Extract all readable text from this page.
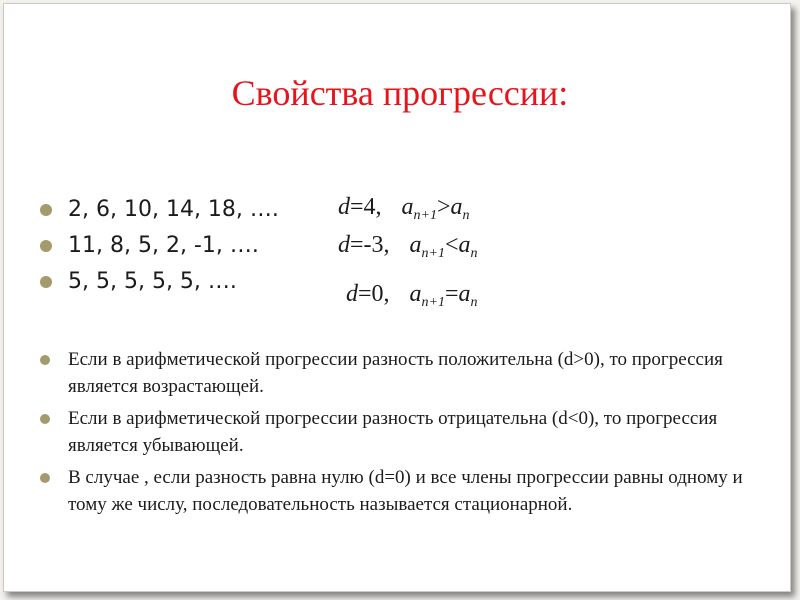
Свойства прогрессии:
2, 6, 10, 14, 18, ….
11, 8, 5, 2, -1, ….
5, 5, 5, 5, 5, ….
d=4, $a_{n+1}>a_n$
d=-3, $a_{n+1}<a_n$
d=0, $a_{n+1}=a_n$
Если в арифметической прогрессии разность положительна (d>0), то прогрессия является возрастающей.
Если в арифметической прогрессии разность отрицательна (d<0), то прогрессия является убывающей.
В случае , если разность равна нулю (d=0) и все члены прогрессии равны одному и тому же числу, последовательность называется стационарной.
